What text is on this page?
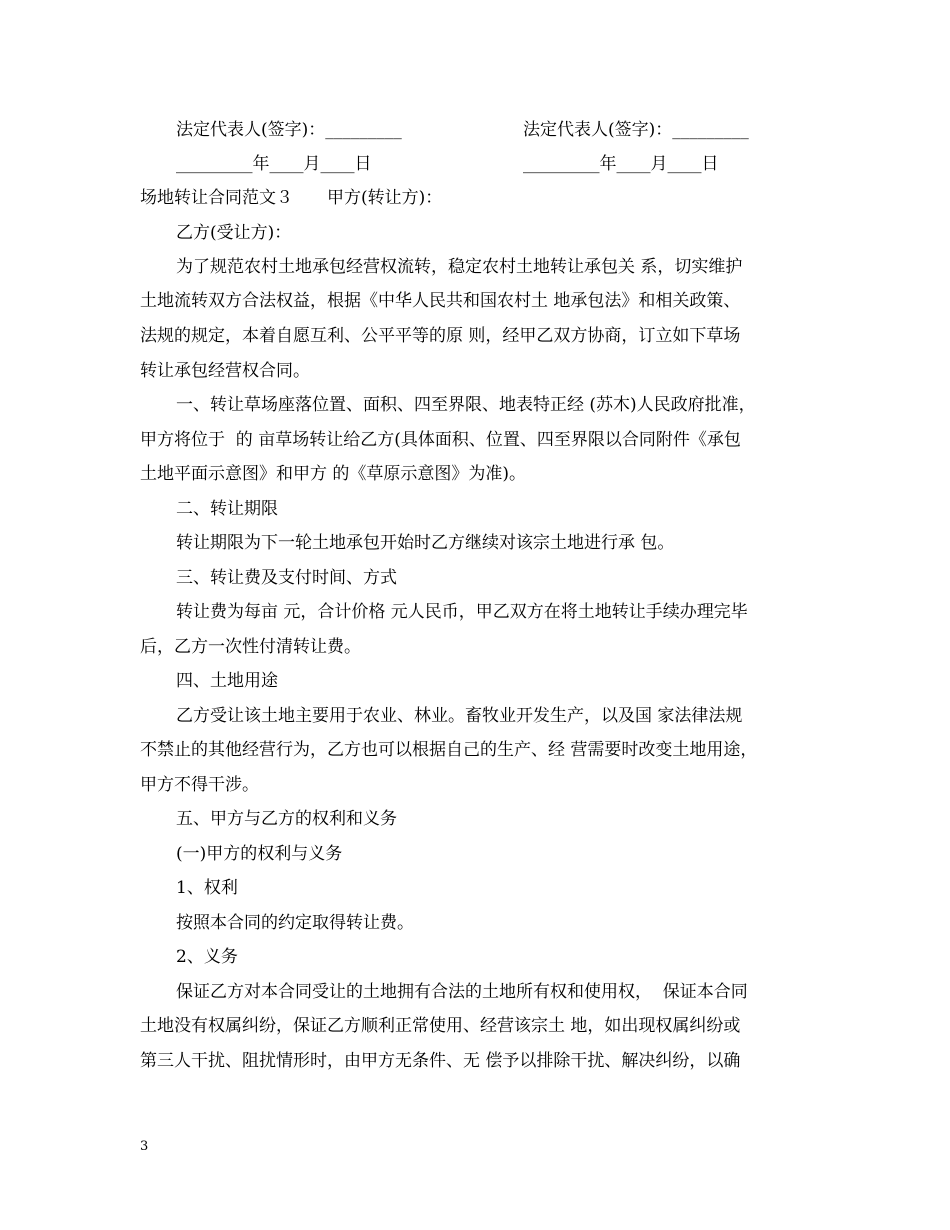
法定代表人(签字)：_________	法定代表人(签字)：_________
_________年____月____日	_________年____月____日
场地转让合同范文３　　甲方(转让方)：
乙方(受让方)：
为了规范农村土地承包经营权流转，稳定农村土地转让承包关 系，切实维护
土地流转双方合法权益，根据《中华人民共和国农村土 地承包法》和相关政策、
法规的规定，本着自愿互利、公平平等的原 则，经甲乙双方协商，订立如下草场
转让承包经营权合同。
一、转让草场座落位置、面积、四至界限、地表特正经 (苏木)人民政府批准，
甲方将位于  的 亩草场转让给乙方(具体面积、位置、四至界限以合同附件《承包
土地平面示意图》和甲方 的《草原示意图》为准)。
二、转让期限
转让期限为下一轮土地承包开始时乙方继续对该宗土地进行承 包。
三、转让费及支付时间、方式
转让费为每亩 元，合计价格 元人民币，甲乙双方在将土地转让手续办理完毕
后，乙方一次性付清转让费。
四、土地用途
乙方受让该土地主要用于农业、林业。畜牧业开发生产，以及国 家法律法规
不禁止的其他经营行为，乙方也可以根据自己的生产、经 营需要时改变土地用途，
甲方不得干涉。
五、甲方与乙方的权利和义务
(一)甲方的权利与义务
1、权利
按照本合同的约定取得转让费。
2、义务
保证乙方对本合同受让的土地拥有合法的土地所有权和使用权，  保证本合同
土地没有权属纠纷，保证乙方顺利正常使用、经营该宗土 地，如出现权属纠纷或
第三人干扰、阻扰情形时，由甲方无条件、无 偿予以排除干扰、解决纠纷，以确
3
